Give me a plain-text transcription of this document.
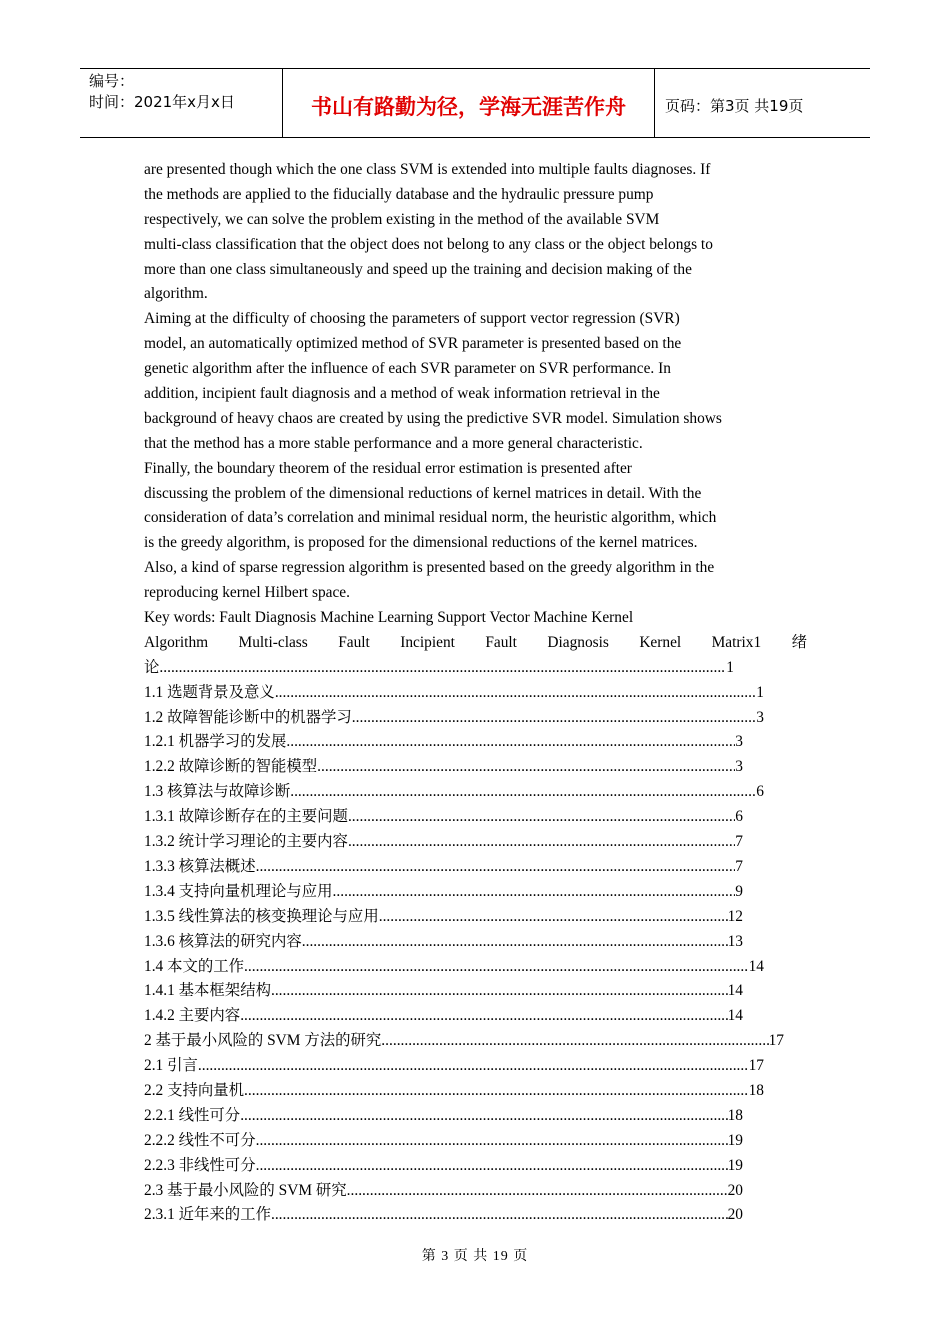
编号：
时间：2021年x月x日	书山有路勤为径，学海无涯苦作舟	页码：第3页 共19页
are presented though which the one class SVM is extended into multiple faults diagnoses. If
the methods are applied to the fiducially database and the hydraulic pressure pump
respectively, we can solve the problem existing in the method of the available SVM
multi-class classification that the object does not belong to any class or the object belongs to
more than one class simultaneously and speed up the training and decision making of the
algorithm.
Aiming at the difficulty of choosing the parameters of support vector regression (SVR)
model, an automatically optimized method of SVR parameter is presented based on the
genetic algorithm after the influence of each SVR parameter on SVR performance. In
addition, incipient fault diagnosis and a method of weak information retrieval in the
background of heavy chaos are created by using the predictive SVR model. Simulation shows
that the method has a more stable performance and a more general characteristic.
Finally, the boundary theorem of the residual error estimation is presented after
discussing the problem of the dimensional reductions of kernel matrices in detail. With the
consideration of data’s correlation and minimal residual norm, the heuristic algorithm, which
is the greedy algorithm, is proposed for the dimensional reductions of the kernel matrices.
Also, a kind of sparse regression algorithm is presented based on the greedy algorithm in the
reproducing kernel Hilbert space.
Key words: Fault Diagnosis Machine Learning Support Vector Machine Kernel
Algorithm Multi-class Fault Incipient Fault Diagnosis Kernel Matrix1 绪
论 .....	1
1.1 选题背景及意义 .....	1
1.2 故障智能诊断中的机器学习 .....	3
1.2.1 机器学习的发展 .....	3
1.2.2 故障诊断的智能模型 .....	3
1.3 核算法与故障诊断 .....	6
1.3.1 故障诊断存在的主要问题 .....	6
1.3.2 统计学习理论的主要内容 .....	7
1.3.3 核算法概述 .....	7
1.3.4 支持向量机理论与应用 .....	9
1.3.5 线性算法的核变换理论与应用 .....	12
1.3.6 核算法的研究内容 .....	13
1.4 本文的工作 .....	14
1.4.1 基本框架结构 .....	14
1.4.2 主要内容 .....	14
2 基于最小风险的 SVM 方法的研究 .....	17
2.1 引言 .....	17
2.2 支持向量机 .....	18
2.2.1 线性可分 .....	18
2.2.2 线性不可分 .....	19
2.2.3 非线性可分 .....	19
2.3 基于最小风险的 SVM 研究 .....	20
2.3.1 近年来的工作 .....	20
第 3 页 共 19 页
